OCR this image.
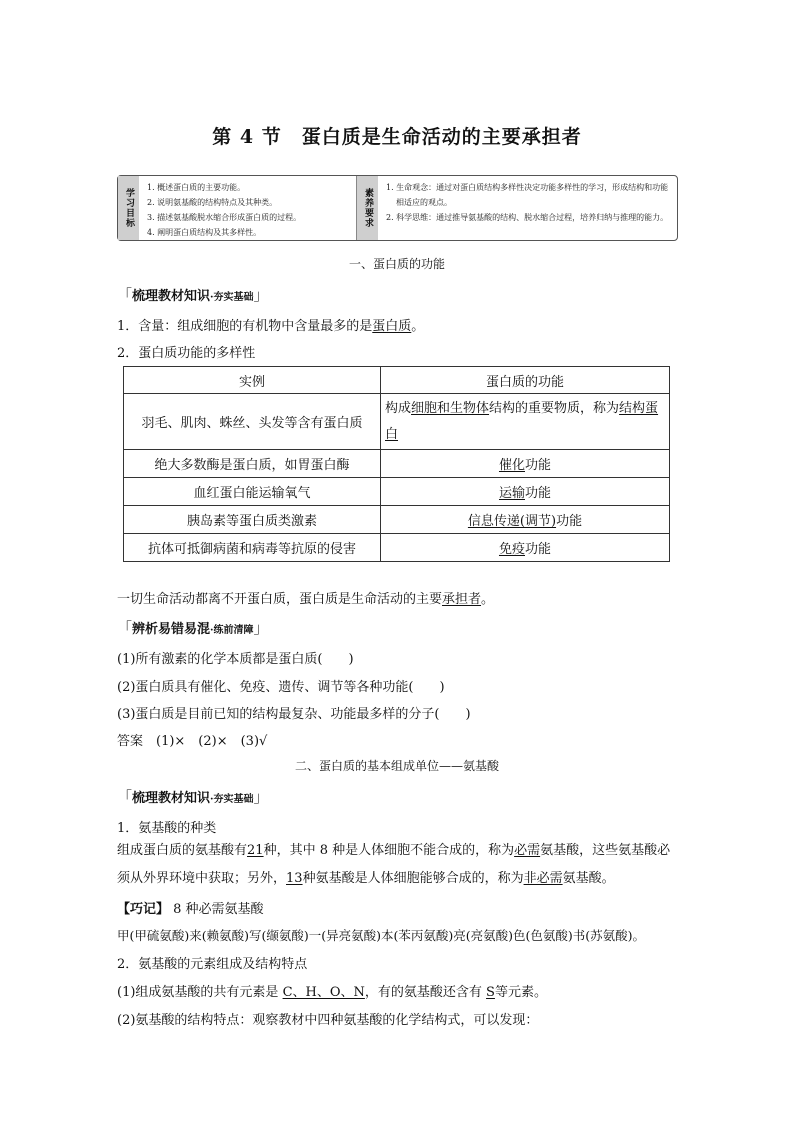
第 4 节　蛋白质是生命活动的主要承担者
学习目标
1. 概述蛋白质的主要功能。
2. 说明氨基酸的结构特点及其种类。
3. 描述氨基酸脱水缩合形成蛋白质的过程。
4. 阐明蛋白质结构及其多样性。
素养要求
1. 生命观念：通过对蛋白质结构多样性决定功能多样性的学习，形成结构和功能相适应的观点。
2. 科学思维：通过推导氨基酸的结构、脱水缩合过程，培养归纳与推理的能力。
一、蛋白质的功能
「梳理教材知识·夯实基础」
1．含量：组成细胞的有机物中含量最多的是蛋白质。
2．蛋白质功能的多样性
实例	蛋白质的功能
羽毛、肌肉、蛛丝、头发等含有蛋白质	构成细胞和生物体结构的重要物质，称为结构蛋白
绝大多数酶是蛋白质，如胃蛋白酶	催化功能
血红蛋白能运输氧气	运输功能
胰岛素等蛋白质类激素	信息传递(调节)功能
抗体可抵御病菌和病毒等抗原的侵害	免疫功能
一切生命活动都离不开蛋白质，蛋白质是生命活动的主要承担者。
「辨析易错易混·练前清障」
(1)所有激素的化学本质都是蛋白质(　　)
(2)蛋白质具有催化、免疫、遗传、调节等各种功能(　　)
(3)蛋白质是目前已知的结构最复杂、功能最多样的分子(　　)
答案　(1)×　(2)×　(3)√
二、蛋白质的基本组成单位——氨基酸
「梳理教材知识·夯实基础」
1．氨基酸的种类
组成蛋白质的氨基酸有21种，其中 8 种是人体细胞不能合成的，称为必需氨基酸，这些氨基酸必须从外界环境中获取；另外，13种氨基酸是人体细胞能够合成的，称为非必需氨基酸。
【巧记】 8 种必需氨基酸
甲(甲硫氨酸)来(赖氨酸)写(缬氨酸)一(异亮氨酸)本(苯丙氨酸)亮(亮氨酸)色(色氨酸)书(苏氨酸)。
2．氨基酸的元素组成及结构特点
(1)组成氨基酸的共有元素是 C、H、O、N，有的氨基酸还含有 S等元素。
(2)氨基酸的结构特点：观察教材中四种氨基酸的化学结构式，可以发现：
